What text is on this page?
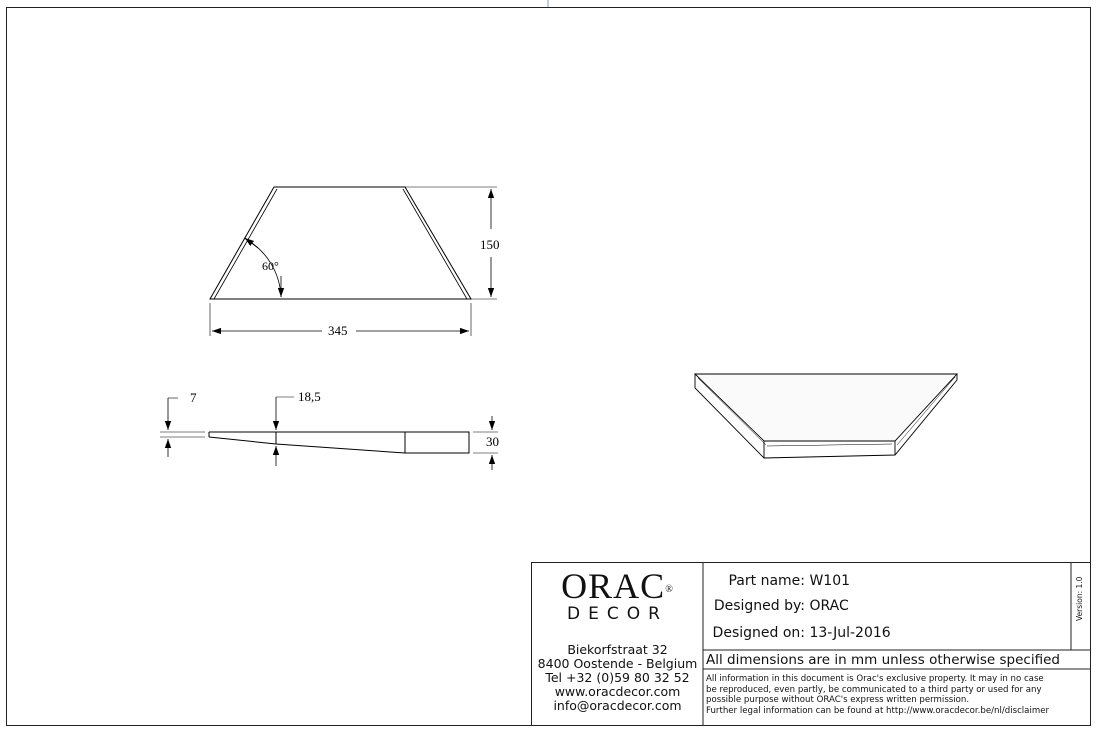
150
345
60°
7	18,5
30
ORAC®
DECOR
Biekorfstraat 32
8400 Oostende - Belgium
Tel +32 (0)59 80 32 52
www.oracdecor.com
info@oracdecor.com
Part name: W101
Designed by: ORAC
Designed on: 13-Jul-2016
Version: 1.0
All dimensions are in mm unless otherwise specified
All information in this document is Orac's exclusive property. It may in no case
be reproduced, even partly, be communicated to a third party or used for any
possible purpose without ORAC's express written permission.
Further legal information can be found at http://www.oracdecor.be/nl/disclaimer
